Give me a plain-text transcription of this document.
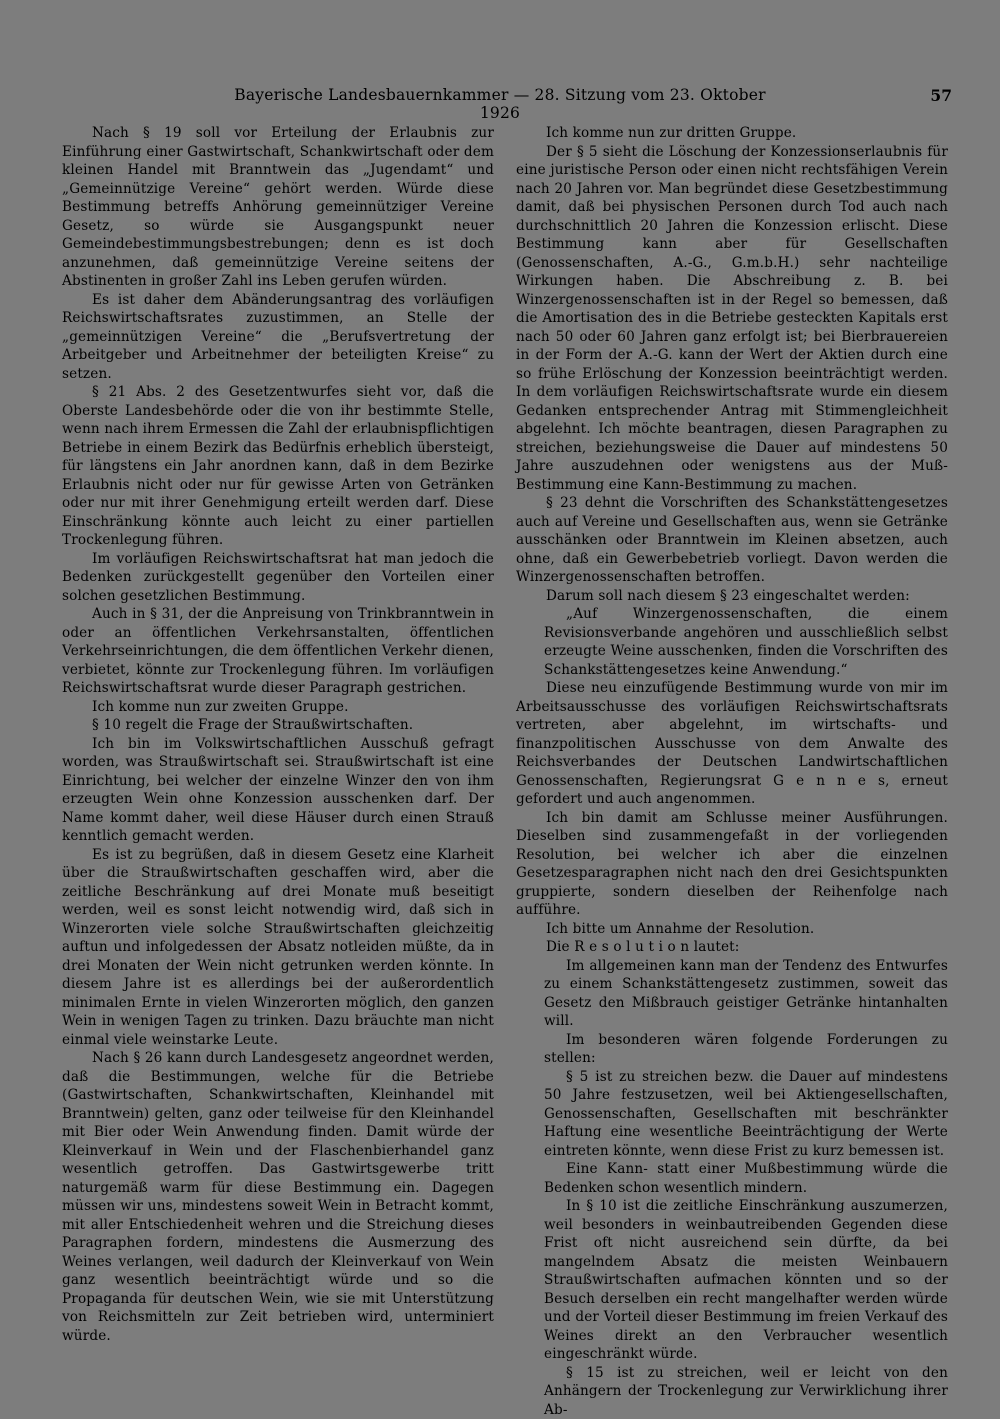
Bayerische Landesbauernkammer — 28. Sitzung vom 23. Oktober 1926
57

Nach § 19 soll vor Erteilung der Erlaubnis zur Einführung einer Gastwirtschaft, Schankwirtschaft oder dem kleinen Handel mit Branntwein das „Jugendamt“ und „Gemeinnützige Vereine“ gehört werden. Würde diese Bestimmung betreffs Anhörung gemeinnütziger Vereine Gesetz, so würde sie Ausgangspunkt neuer Gemeindebestimmungsbestrebungen; denn es ist doch anzunehmen, daß gemeinnützige Vereine seitens der Abstinenten in großer Zahl ins Leben gerufen würden.

Es ist daher dem Abänderungsantrag des vorläufigen Reichswirtschaftsrates zuzustimmen, an Stelle der „gemeinnützigen Vereine“ die „Berufsvertretung der Arbeitgeber und Arbeitnehmer der beteiligten Kreise“ zu setzen.

§ 21 Abs. 2 des Gesetzentwurfes sieht vor, daß die Oberste Landesbehörde oder die von ihr bestimmte Stelle, wenn nach ihrem Ermessen die Zahl der erlaubnispflichtigen Betriebe in einem Bezirk das Bedürfnis erheblich übersteigt, für längstens ein Jahr anordnen kann, daß in dem Bezirke Erlaubnis nicht oder nur für gewisse Arten von Getränken oder nur mit ihrer Genehmigung erteilt werden darf. Diese Einschränkung könnte auch leicht zu einer partiellen Trockenlegung führen.

Im vorläufigen Reichswirtschaftsrat hat man jedoch die Bedenken zurückgestellt gegenüber den Vorteilen einer solchen gesetzlichen Bestimmung.

Auch in § 31, der die Anpreisung von Trinkbranntwein in oder an öffentlichen Verkehrsanstalten, öffentlichen Verkehrseinrichtungen, die dem öffentlichen Verkehr dienen, verbietet, könnte zur Trockenlegung führen. Im vorläufigen Reichswirtschaftsrat wurde dieser Paragraph gestrichen.

Ich komme nun zur zweiten Gruppe.

§ 10 regelt die Frage der Straußwirtschaften.

Ich bin im Volkswirtschaftlichen Ausschuß gefragt worden, was Straußwirtschaft sei. Straußwirtschaft ist eine Einrichtung, bei welcher der einzelne Winzer den von ihm erzeugten Wein ohne Konzession ausschenken darf. Der Name kommt daher, weil diese Häuser durch einen Strauß kenntlich gemacht werden.

Es ist zu begrüßen, daß in diesem Gesetz eine Klarheit über die Straußwirtschaften geschaffen wird, aber die zeitliche Beschränkung auf drei Monate muß beseitigt werden, weil es sonst leicht notwendig wird, daß sich in Winzerorten viele solche Straußwirtschaften gleichzeitig auftun und infolgedessen der Absatz notleiden müßte, da in drei Monaten der Wein nicht getrunken werden könnte. In diesem Jahre ist es allerdings bei der außerordentlich minimalen Ernte in vielen Winzerorten möglich, den ganzen Wein in wenigen Tagen zu trinken. Dazu bräuchte man nicht einmal viele weinstarke Leute.

Nach § 26 kann durch Landesgesetz angeordnet werden, daß die Bestimmungen, welche für die Betriebe (Gastwirtschaften, Schankwirtschaften, Kleinhandel mit Branntwein) gelten, ganz oder teilweise für den Kleinhandel mit Bier oder Wein Anwendung finden. Damit würde der Kleinverkauf in Wein und der Flaschenbierhandel ganz wesentlich getroffen. Das Gastwirtsgewerbe tritt naturgemäß warm für diese Bestimmung ein. Dagegen müssen wir uns, mindestens soweit Wein in Betracht kommt, mit aller Entschiedenheit wehren und die Streichung dieses Paragraphen fordern, mindestens die Ausmerzung des Weines verlangen, weil dadurch der Kleinverkauf von Wein ganz wesentlich beeinträchtigt würde und so die Propaganda für deutschen Wein, wie sie mit Unterstützung von Reichsmitteln zur Zeit betrieben wird, unterminiert würde.

Ich komme nun zur dritten Gruppe.

Der § 5 sieht die Löschung der Konzessionserlaubnis für eine juristische Person oder einen nicht rechtsfähigen Verein nach 20 Jahren vor. Man begründet diese Gesetzbestimmung damit, daß bei physischen Personen durch Tod auch nach durchschnittlich 20 Jahren die Konzession erlischt. Diese Bestimmung kann aber für Gesellschaften (Genossenschaften, A.-G., G.m.b.H.) sehr nachteilige Wirkungen haben. Die Abschreibung z. B. bei Winzergenossenschaften ist in der Regel so bemessen, daß die Amortisation des in die Betriebe gesteckten Kapitals erst nach 50 oder 60 Jahren ganz erfolgt ist; bei Bierbrauereien in der Form der A.-G. kann der Wert der Aktien durch eine so frühe Erlöschung der Konzession beeinträchtigt werden. In dem vorläufigen Reichswirtschaftsrate wurde ein diesem Gedanken entsprechender Antrag mit Stimmengleichheit abgelehnt. Ich möchte beantragen, diesen Paragraphen zu streichen, beziehungsweise die Dauer auf mindestens 50 Jahre auszudehnen oder wenigstens aus der Muß-Bestimmung eine Kann-Bestimmung zu machen.

§ 23 dehnt die Vorschriften des Schankstättengesetzes auch auf Vereine und Gesellschaften aus, wenn sie Getränke ausschänken oder Branntwein im Kleinen absetzen, auch ohne, daß ein Gewerbebetrieb vorliegt. Davon werden die Winzergenossenschaften betroffen.

Darum soll nach diesem § 23 eingeschaltet werden:

„Auf Winzergenossenschaften, die einem Revisionsverbande angehören und ausschließlich selbst erzeugte Weine ausschenken, finden die Vorschriften des Schankstättengesetzes keine Anwendung.“

Diese neu einzufügende Bestimmung wurde von mir im Arbeitsausschusse des vorläufigen Reichswirtschaftsrats vertreten, aber abgelehnt, im wirtschafts- und finanzpolitischen Ausschusse von dem Anwalte des Reichsverbandes der Deutschen Landwirtschaftlichen Genossenschaften, Regierungsrat G e n n e s, erneut gefordert und auch angenommen.

Ich bin damit am Schlusse meiner Ausführungen. Dieselben sind zusammengefaßt in der vorliegenden Resolution, bei welcher ich aber die einzelnen Gesetzesparagraphen nicht nach den drei Gesichtspunkten gruppierte, sondern dieselben der Reihenfolge nach aufführe.

Ich bitte um Annahme der Resolution.

Die R e s o l u t i o n lautet:

Im allgemeinen kann man der Tendenz des Entwurfes zu einem Schankstättengesetz zustimmen, soweit das Gesetz den Mißbrauch geistiger Getränke hintanhalten will.

Im besonderen wären folgende Forderungen zu stellen:

§ 5 ist zu streichen bezw. die Dauer auf mindestens 50 Jahre festzusetzen, weil bei Aktiengesellschaften, Genossenschaften, Gesellschaften mit beschränkter Haftung eine wesentliche Beeinträchtigung der Werte eintreten könnte, wenn diese Frist zu kurz bemessen ist.

Eine Kann- statt einer Mußbestimmung würde die Bedenken schon wesentlich mindern.

In § 10 ist die zeitliche Einschränkung auszumerzen, weil besonders in weinbautreibenden Gegenden diese Frist oft nicht ausreichend sein dürfte, da bei mangelndem Absatz die meisten Weinbauern Straußwirtschaften aufmachen könnten und so der Besuch derselben ein recht mangelhafter werden würde und der Vorteil dieser Bestimmung im freien Verkauf des Weines direkt an den Verbraucher wesentlich eingeschränkt würde.

§ 15 ist zu streichen, weil er leicht von den Anhängern der Trockenlegung zur Verwirklichung ihrer Ab-
